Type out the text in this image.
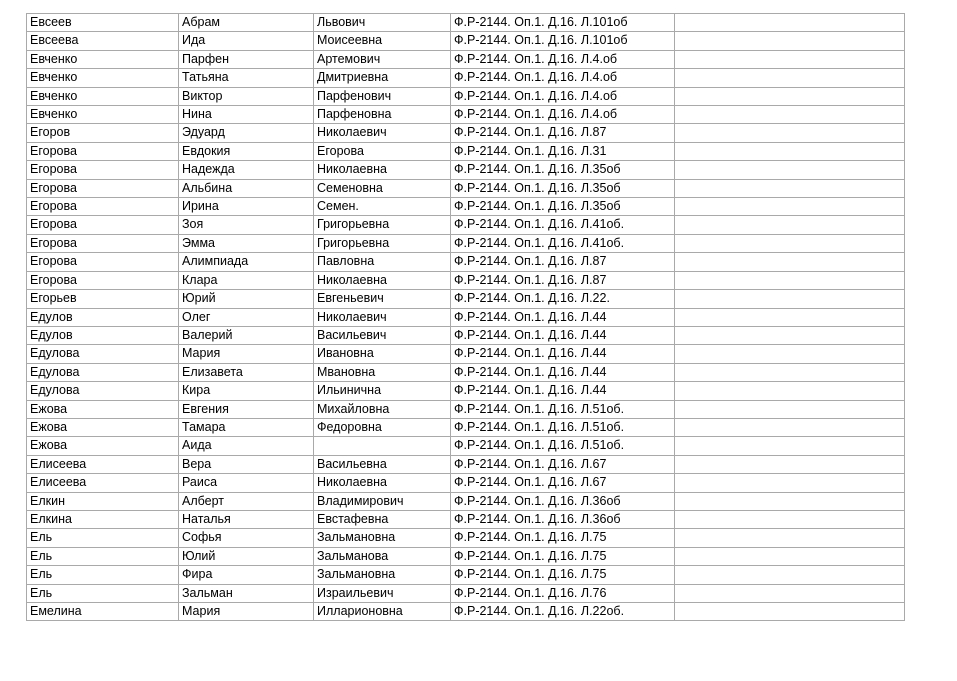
Евсеев	Абрам	Львович	Ф.Р-2144. Оп.1. Д.16. Л.101об	
Евсеева	Ида	Моисеевна	Ф.Р-2144. Оп.1. Д.16. Л.101об	
Евченко	Парфен	Артемович	Ф.Р-2144. Оп.1. Д.16. Л.4.об	
Евченко	Татьяна	Дмитриевна	Ф.Р-2144. Оп.1. Д.16. Л.4.об	
Евченко	Виктор	Парфенович	Ф.Р-2144. Оп.1. Д.16. Л.4.об	
Евченко	Нина	Парфеновна	Ф.Р-2144. Оп.1. Д.16. Л.4.об	
Егоров	Эдуард	Николаевич	Ф.Р-2144. Оп.1. Д.16. Л.87	
Егорова	Евдокия	Егорова	Ф.Р-2144. Оп.1. Д.16. Л.31	
Егорова	Надежда	Николаевна	Ф.Р-2144. Оп.1. Д.16. Л.35об	
Егорова	Альбина	Семеновна	Ф.Р-2144. Оп.1. Д.16. Л.35об	
Егорова	Ирина	Семен.	Ф.Р-2144. Оп.1. Д.16. Л.35об	
Егорова	Зоя	Григорьевна	Ф.Р-2144. Оп.1. Д.16. Л.41об.	
Егорова	Эмма	Григорьевна	Ф.Р-2144. Оп.1. Д.16. Л.41об.	
Егорова	Алимпиада	Павловна	Ф.Р-2144. Оп.1. Д.16. Л.87	
Егорова	Клара	Николаевна	Ф.Р-2144. Оп.1. Д.16. Л.87	
Егорьев	Юрий	Евгеньевич	Ф.Р-2144. Оп.1. Д.16. Л.22.	
Едулов	Олег	Николаевич	Ф.Р-2144. Оп.1. Д.16. Л.44	
Едулов	Валерий	Васильевич	Ф.Р-2144. Оп.1. Д.16. Л.44	
Едулова	Мария	Ивановна	Ф.Р-2144. Оп.1. Д.16. Л.44	
Едулова	Елизавета	Мвановна	Ф.Р-2144. Оп.1. Д.16. Л.44	
Едулова	Кира	Ильинична	Ф.Р-2144. Оп.1. Д.16. Л.44	
Ежова	Евгения	Михайловна	Ф.Р-2144. Оп.1. Д.16. Л.51об.	
Ежова	Тамара	Федоровна	Ф.Р-2144. Оп.1. Д.16. Л.51об.	
Ежова	Аида		Ф.Р-2144. Оп.1. Д.16. Л.51об.	
Елисеева	Вера	Васильевна	Ф.Р-2144. Оп.1. Д.16. Л.67	
Елисеева	Раиса	Николаевна	Ф.Р-2144. Оп.1. Д.16. Л.67	
Елкин	Алберт	Владимирович	Ф.Р-2144. Оп.1. Д.16. Л.36об	
Елкина	Наталья	Евстафевна	Ф.Р-2144. Оп.1. Д.16. Л.36об	
Ель	Софья	Зальмановна	Ф.Р-2144. Оп.1. Д.16. Л.75	
Ель	Юлий	Зальманова	Ф.Р-2144. Оп.1. Д.16. Л.75	
Ель	Фира	Зальмановна	Ф.Р-2144. Оп.1. Д.16. Л.75	
Ель	Зальман	Израильевич	Ф.Р-2144. Оп.1. Д.16. Л.76	
Емелина	Мария	Илларионовна	Ф.Р-2144. Оп.1. Д.16. Л.22об.	
